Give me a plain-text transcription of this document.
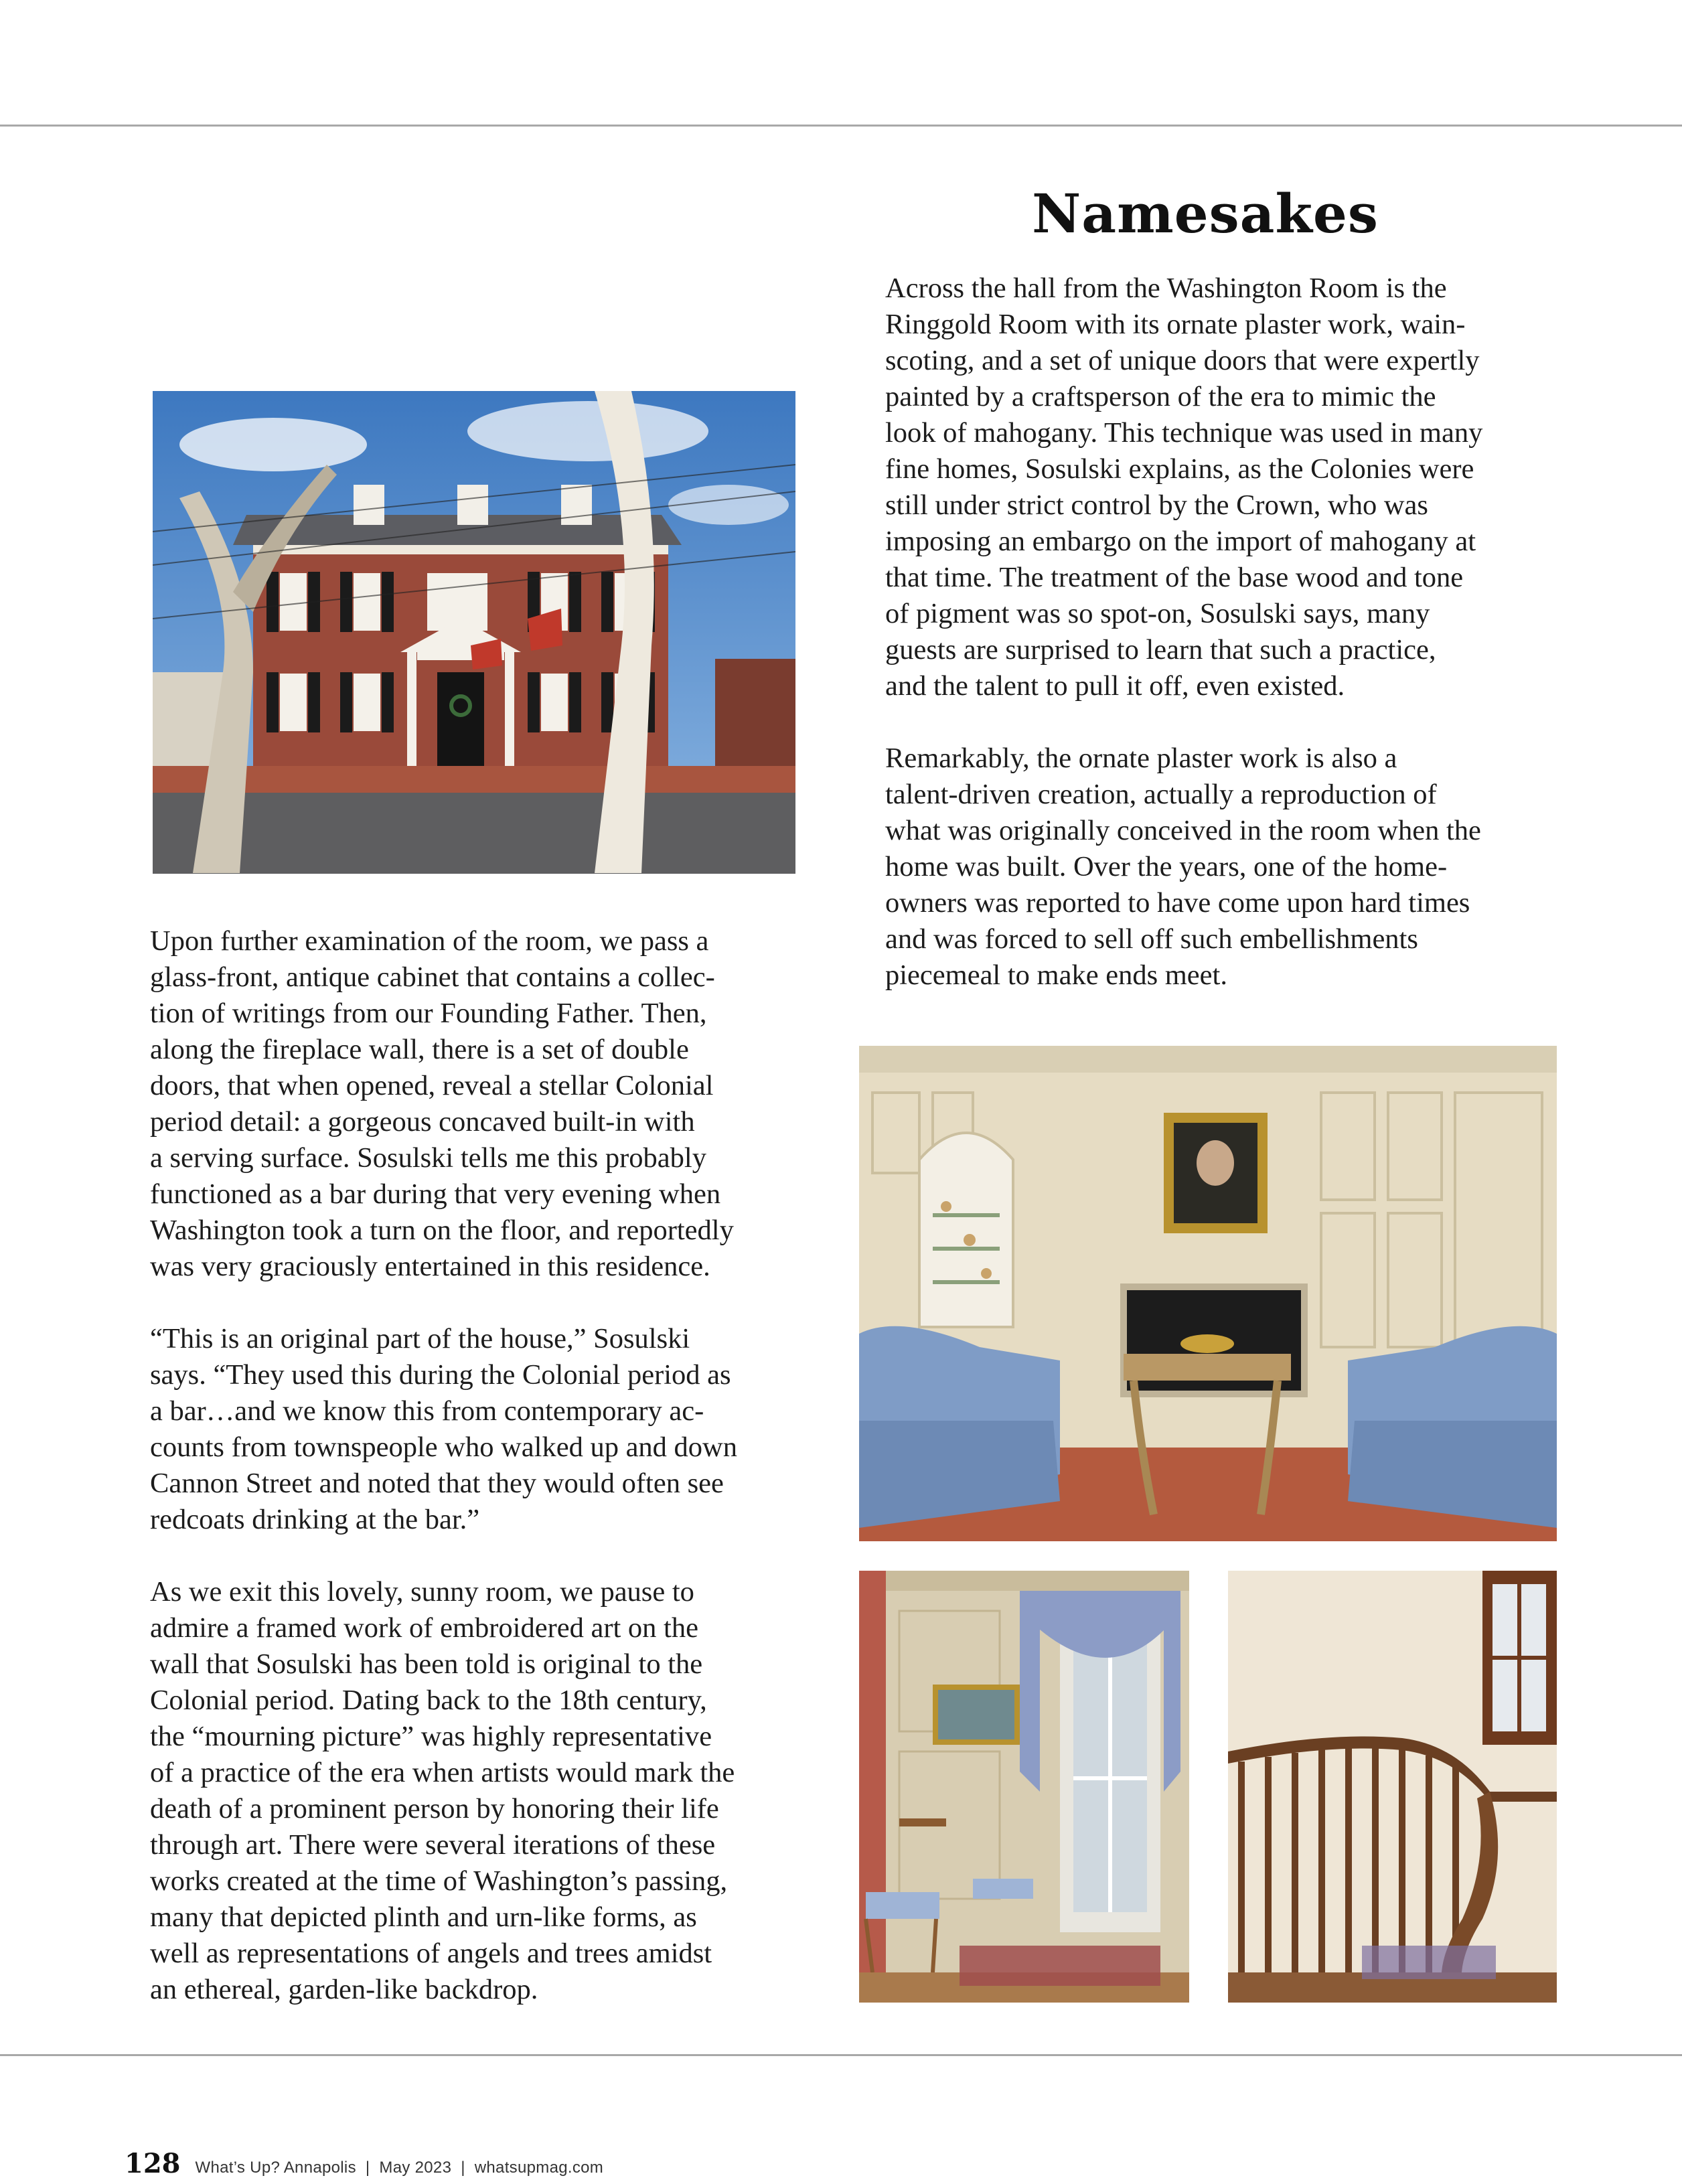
Namesakes

Across the hall from the Washington Room is the
Ringgold Room with its ornate plaster work, wain-
scoting, and a set of unique doors that were expertly
painted by a craftsperson of the era to mimic the
look of mahogany. This technique was used in many
fine homes, Sosulski explains, as the Colonies were
still under strict control by the Crown, who was
imposing an embargo on the import of mahogany at
that time. The treatment of the base wood and tone
of pigment was so spot-on, Sosulski says, many
guests are surprised to learn that such a practice,
and the talent to pull it off, even existed.

Remarkably, the ornate plaster work is also a
talent-driven creation, actually a reproduction of
what was originally conceived in the room when the
home was built. Over the years, one of the home-
owners was reported to have come upon hard times
and was forced to sell off such embellishments
piecemeal to make ends meet.

Upon further examination of the room, we pass a
glass-front, antique cabinet that contains a collec-
tion of writings from our Founding Father. Then,
along the fireplace wall, there is a set of double
doors, that when opened, reveal a stellar Colonial
period detail: a gorgeous concaved built-in with
a serving surface. Sosulski tells me this probably
functioned as a bar during that very evening when
Washington took a turn on the floor, and reportedly
was very graciously entertained in this residence.

“This is an original part of the house,” Sosulski
says. “They used this during the Colonial period as
a bar…and we know this from contemporary ac-
counts from townspeople who walked up and down
Cannon Street and noted that they would often see
redcoats drinking at the bar.”

As we exit this lovely, sunny room, we pause to
admire a framed work of embroidered art on the
wall that Sosulski has been told is original to the
Colonial period. Dating back to the 18th century,
the “mourning picture” was highly representative
of a practice of the era when artists would mark the
death of a prominent person by honoring their life
through art. There were several iterations of these
works created at the time of Washington’s passing,
many that depicted plinth and urn-like forms, as
well as representations of angels and trees amidst
an ethereal, garden-like backdrop.

128 What’s Up? Annapolis | May 2023 | whatsupmag.com
